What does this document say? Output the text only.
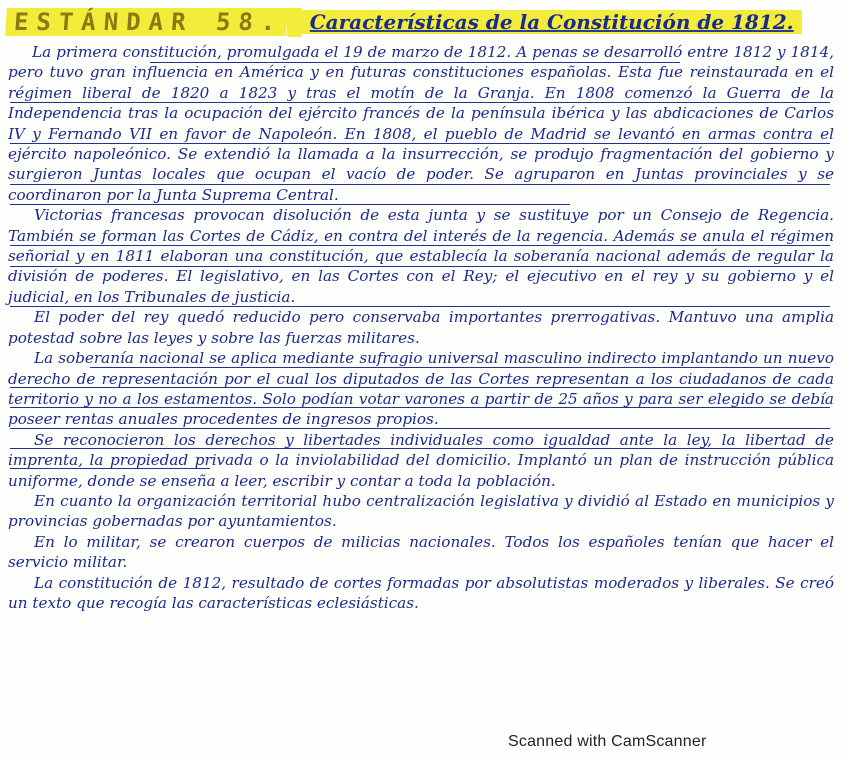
ESTÁNDAR 58.
	Características de la Constitución de 1812.

La primera constitución, promulgada el 19 de marzo de 1812. A penas se desarrolló entre 1812 y 1814, pero tuvo gran influencia en América y en futuras constituciones españolas. Esta fue reinstaurada en el régimen liberal de 1820 a 1823 y tras el motín de la Granja. En 1808 comenzó la Guerra de la Independencia tras la ocupación del ejército francés de la península ibérica y las abdicaciones de Carlos IV y Fernando VII en favor de Napoleón. En 1808, el pueblo de Madrid se levantó en armas contra el ejército napoleónico. Se extendió la llamada a la insurrección, se produjo fragmentación del gobierno y surgieron Juntas locales que ocupan el vacío de poder. Se agruparon en Juntas provinciales y se coordinaron por la Junta Suprema Central.

Victorias francesas provocan disolución de esta junta y se sustituye por un Consejo de Regencia. También se forman las Cortes de Cádiz, en contra del interés de la regencia. Además se anula el régimen señorial y en 1811 elaboran una constitución, que establecía la soberanía nacional además de regular la división de poderes. El legislativo, en las Cortes con el Rey; el ejecutivo en el rey y su gobierno y el judicial, en los Tribunales de justicia.

El poder del rey quedó reducido pero conservaba importantes prerrogativas. Mantuvo una amplia potestad sobre las leyes y sobre las fuerzas militares.

La soberanía nacional se aplica mediante sufragio universal masculino indirecto implantando un nuevo derecho de representación por el cual los diputados de las Cortes representan a los ciudadanos de cada territorio y no a los estamentos. Solo podían votar varones a partir de 25 años y para ser elegido se debía poseer rentas anuales procedentes de ingresos propios.

Se reconocieron los derechos y libertades individuales como igualdad ante la ley, la libertad de imprenta, la propiedad privada o la inviolabilidad del domicilio. Implantó un plan de instrucción pública uniforme, donde se enseña a leer, escribir y contar a toda la población.

En cuanto la organización territorial hubo centralización legislativa y dividió al Estado en municipios y provincias gobernadas por ayuntamientos.

En lo militar, se crearon cuerpos de milicias nacionales. Todos los españoles tenían que hacer el servicio militar.

La constitución de 1812, resultado de cortes formadas por absolutistas moderados y liberales. Se creó un texto que recogía las características eclesiásticas.

Scanned with CamScanner
